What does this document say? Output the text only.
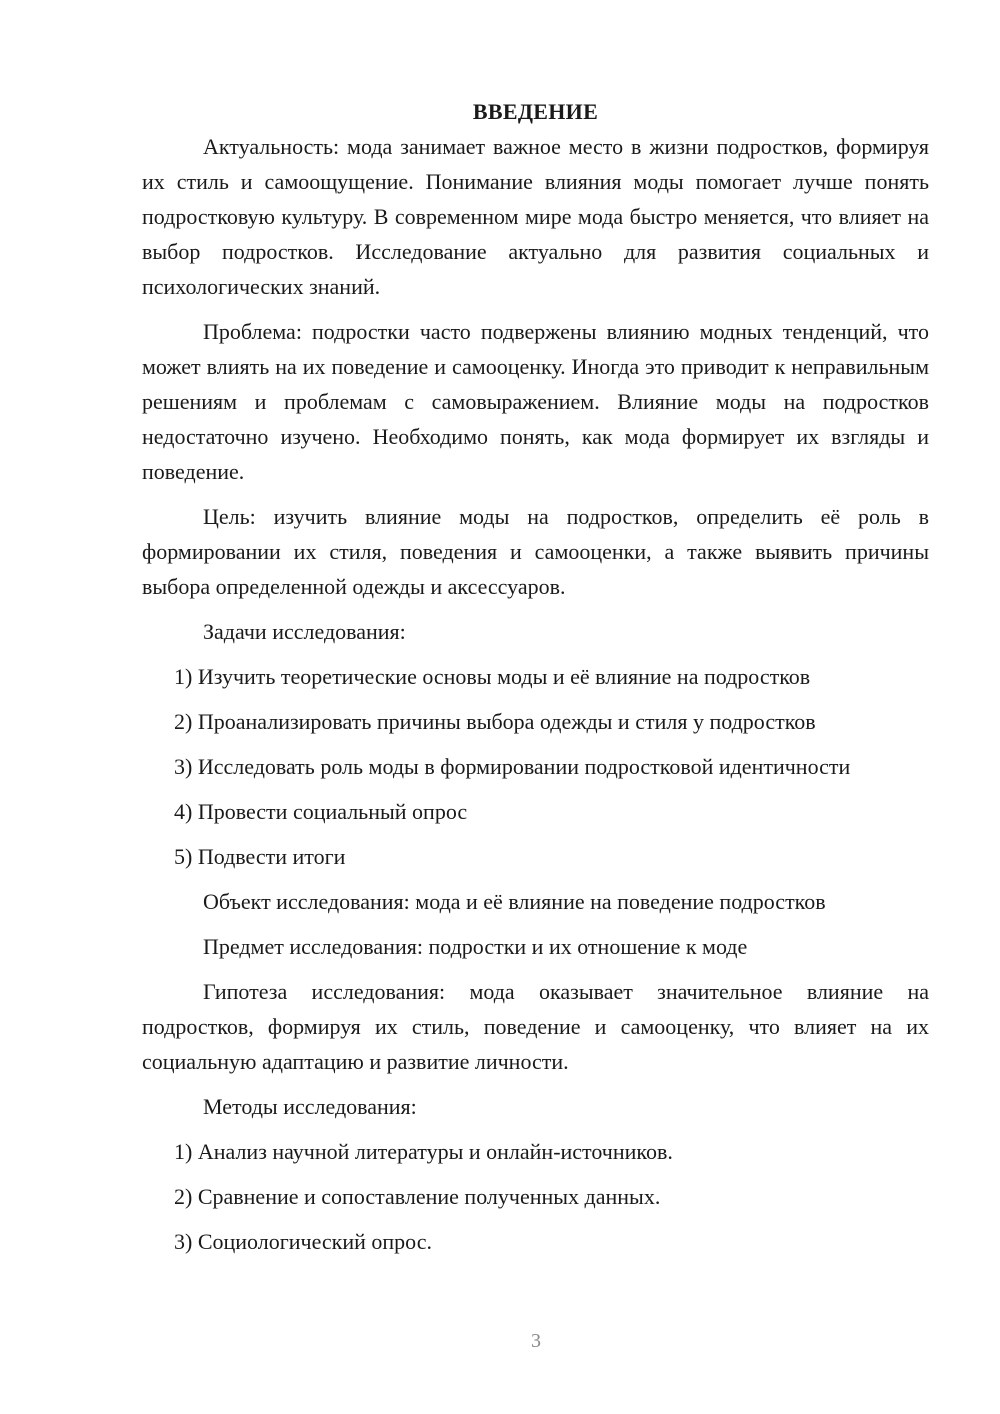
ВВЕДЕНИЕ

Актуальность: мода занимает важное место в жизни подростков, формируя их стиль и самоощущение. Понимание влияния моды помогает лучше понять подростковую культуру. В современном мире мода быстро меняется, что влияет на выбор подростков. Исследование актуально для развития социальных и психологических знаний.

Проблема: подростки часто подвержены влиянию модных тенденций, что может влиять на их поведение и самооценку. Иногда это приводит к неправильным решениям и проблемам с самовыражением. Влияние моды на подростков недостаточно изучено. Необходимо понять, как мода формирует их взгляды и поведение.

Цель: изучить влияние моды на подростков, определить её роль в формировании их стиля, поведения и самооценки, а также выявить причины выбора определенной одежды и аксессуаров.

Задачи исследования:

1) Изучить теоретические основы моды и её влияние на подростков

2) Проанализировать причины выбора одежды и стиля у подростков

3) Исследовать роль моды в формировании подростковой идентичности

4) Провести социальный опрос

5) Подвести итоги

Объект исследования: мода и её влияние на поведение подростков

Предмет исследования: подростки и их отношение к моде

Гипотеза исследования: мода оказывает значительное влияние на подростков, формируя их стиль, поведение и самооценку, что влияет на их социальную адаптацию и развитие личности.

Методы исследования:

1) Анализ научной литературы и онлайн-источников.

2) Сравнение и сопоставление полученных данных.

3) Социологический опрос.

3
